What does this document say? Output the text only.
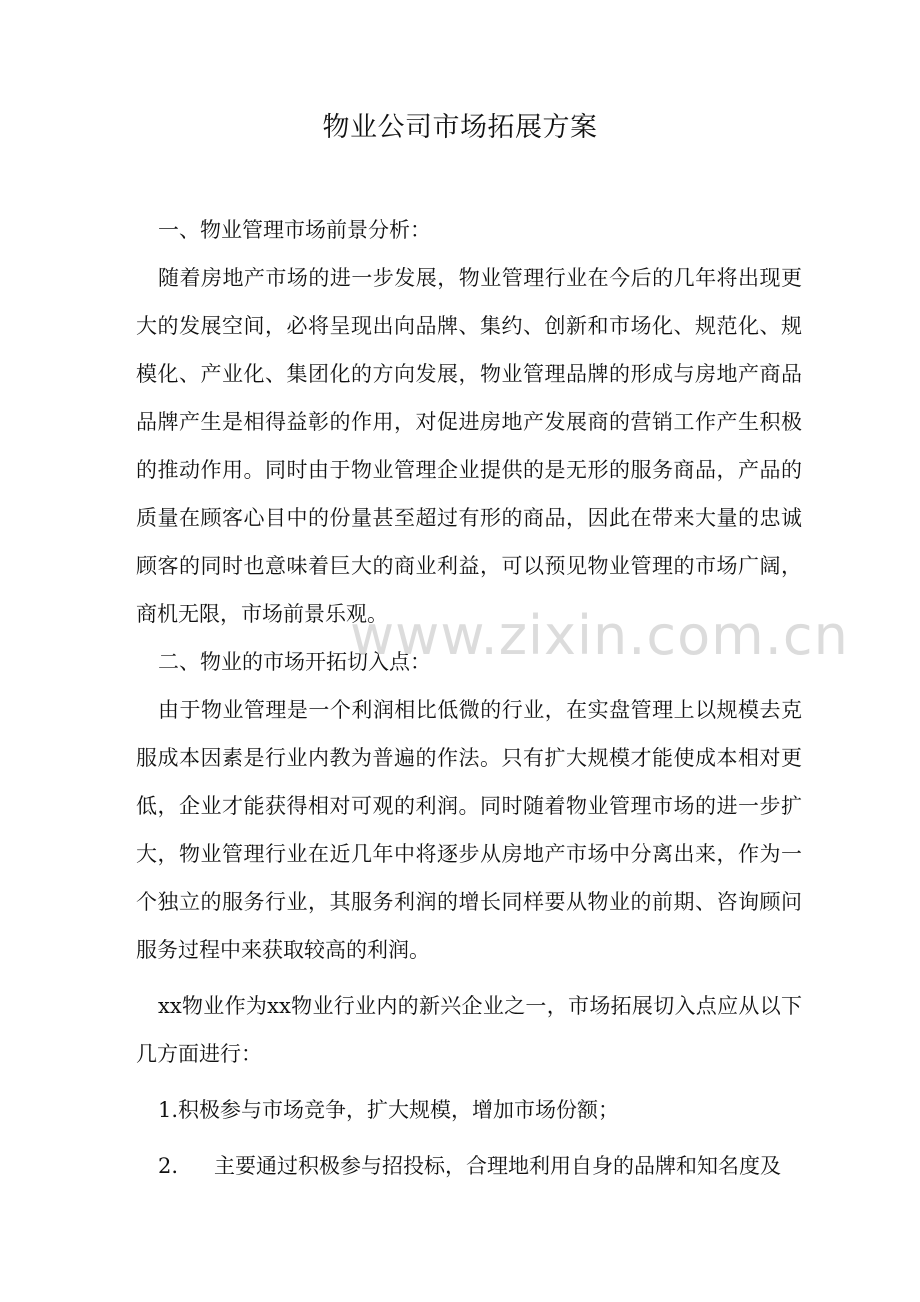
物业公司市场拓展方案

一、物业管理市场前景分析：

随着房地产市场的进一步发展，物业管理行业在今后的几年将出现更大的发展空间，必将呈现出向品牌、集约、创新和市场化、规范化、规模化、产业化、集团化的方向发展，物业管理品牌的形成与房地产商品品牌产生是相得益彰的作用，对促进房地产发展商的营销工作产生积极的推动作用。同时由于物业管理企业提供的是无形的服务商品，产品的质量在顾客心目中的份量甚至超过有形的商品，因此在带来大量的忠诚顾客的同时也意味着巨大的商业利益，可以预见物业管理的市场广阔，商机无限，市场前景乐观。

二、物业的市场开拓切入点：

由于物业管理是一个利润相比低微的行业，在实盘管理上以规模去克服成本因素是行业内教为普遍的作法。只有扩大规模才能使成本相对更低，企业才能获得相对可观的利润。同时随着物业管理市场的进一步扩大，物业管理行业在近几年中将逐步从房地产市场中分离出来，作为一个独立的服务行业，其服务利润的增长同样要从物业的前期、咨询顾问服务过程中来获取较高的利润。

xx物业作为xx物业行业内的新兴企业之一，市场拓展切入点应从以下几方面进行：

1.积极参与市场竞争，扩大规模，增加市场份额；

2. 主要通过积极参与招投标，合理地利用自身的品牌和知名度及

www.zixin.com.cn
